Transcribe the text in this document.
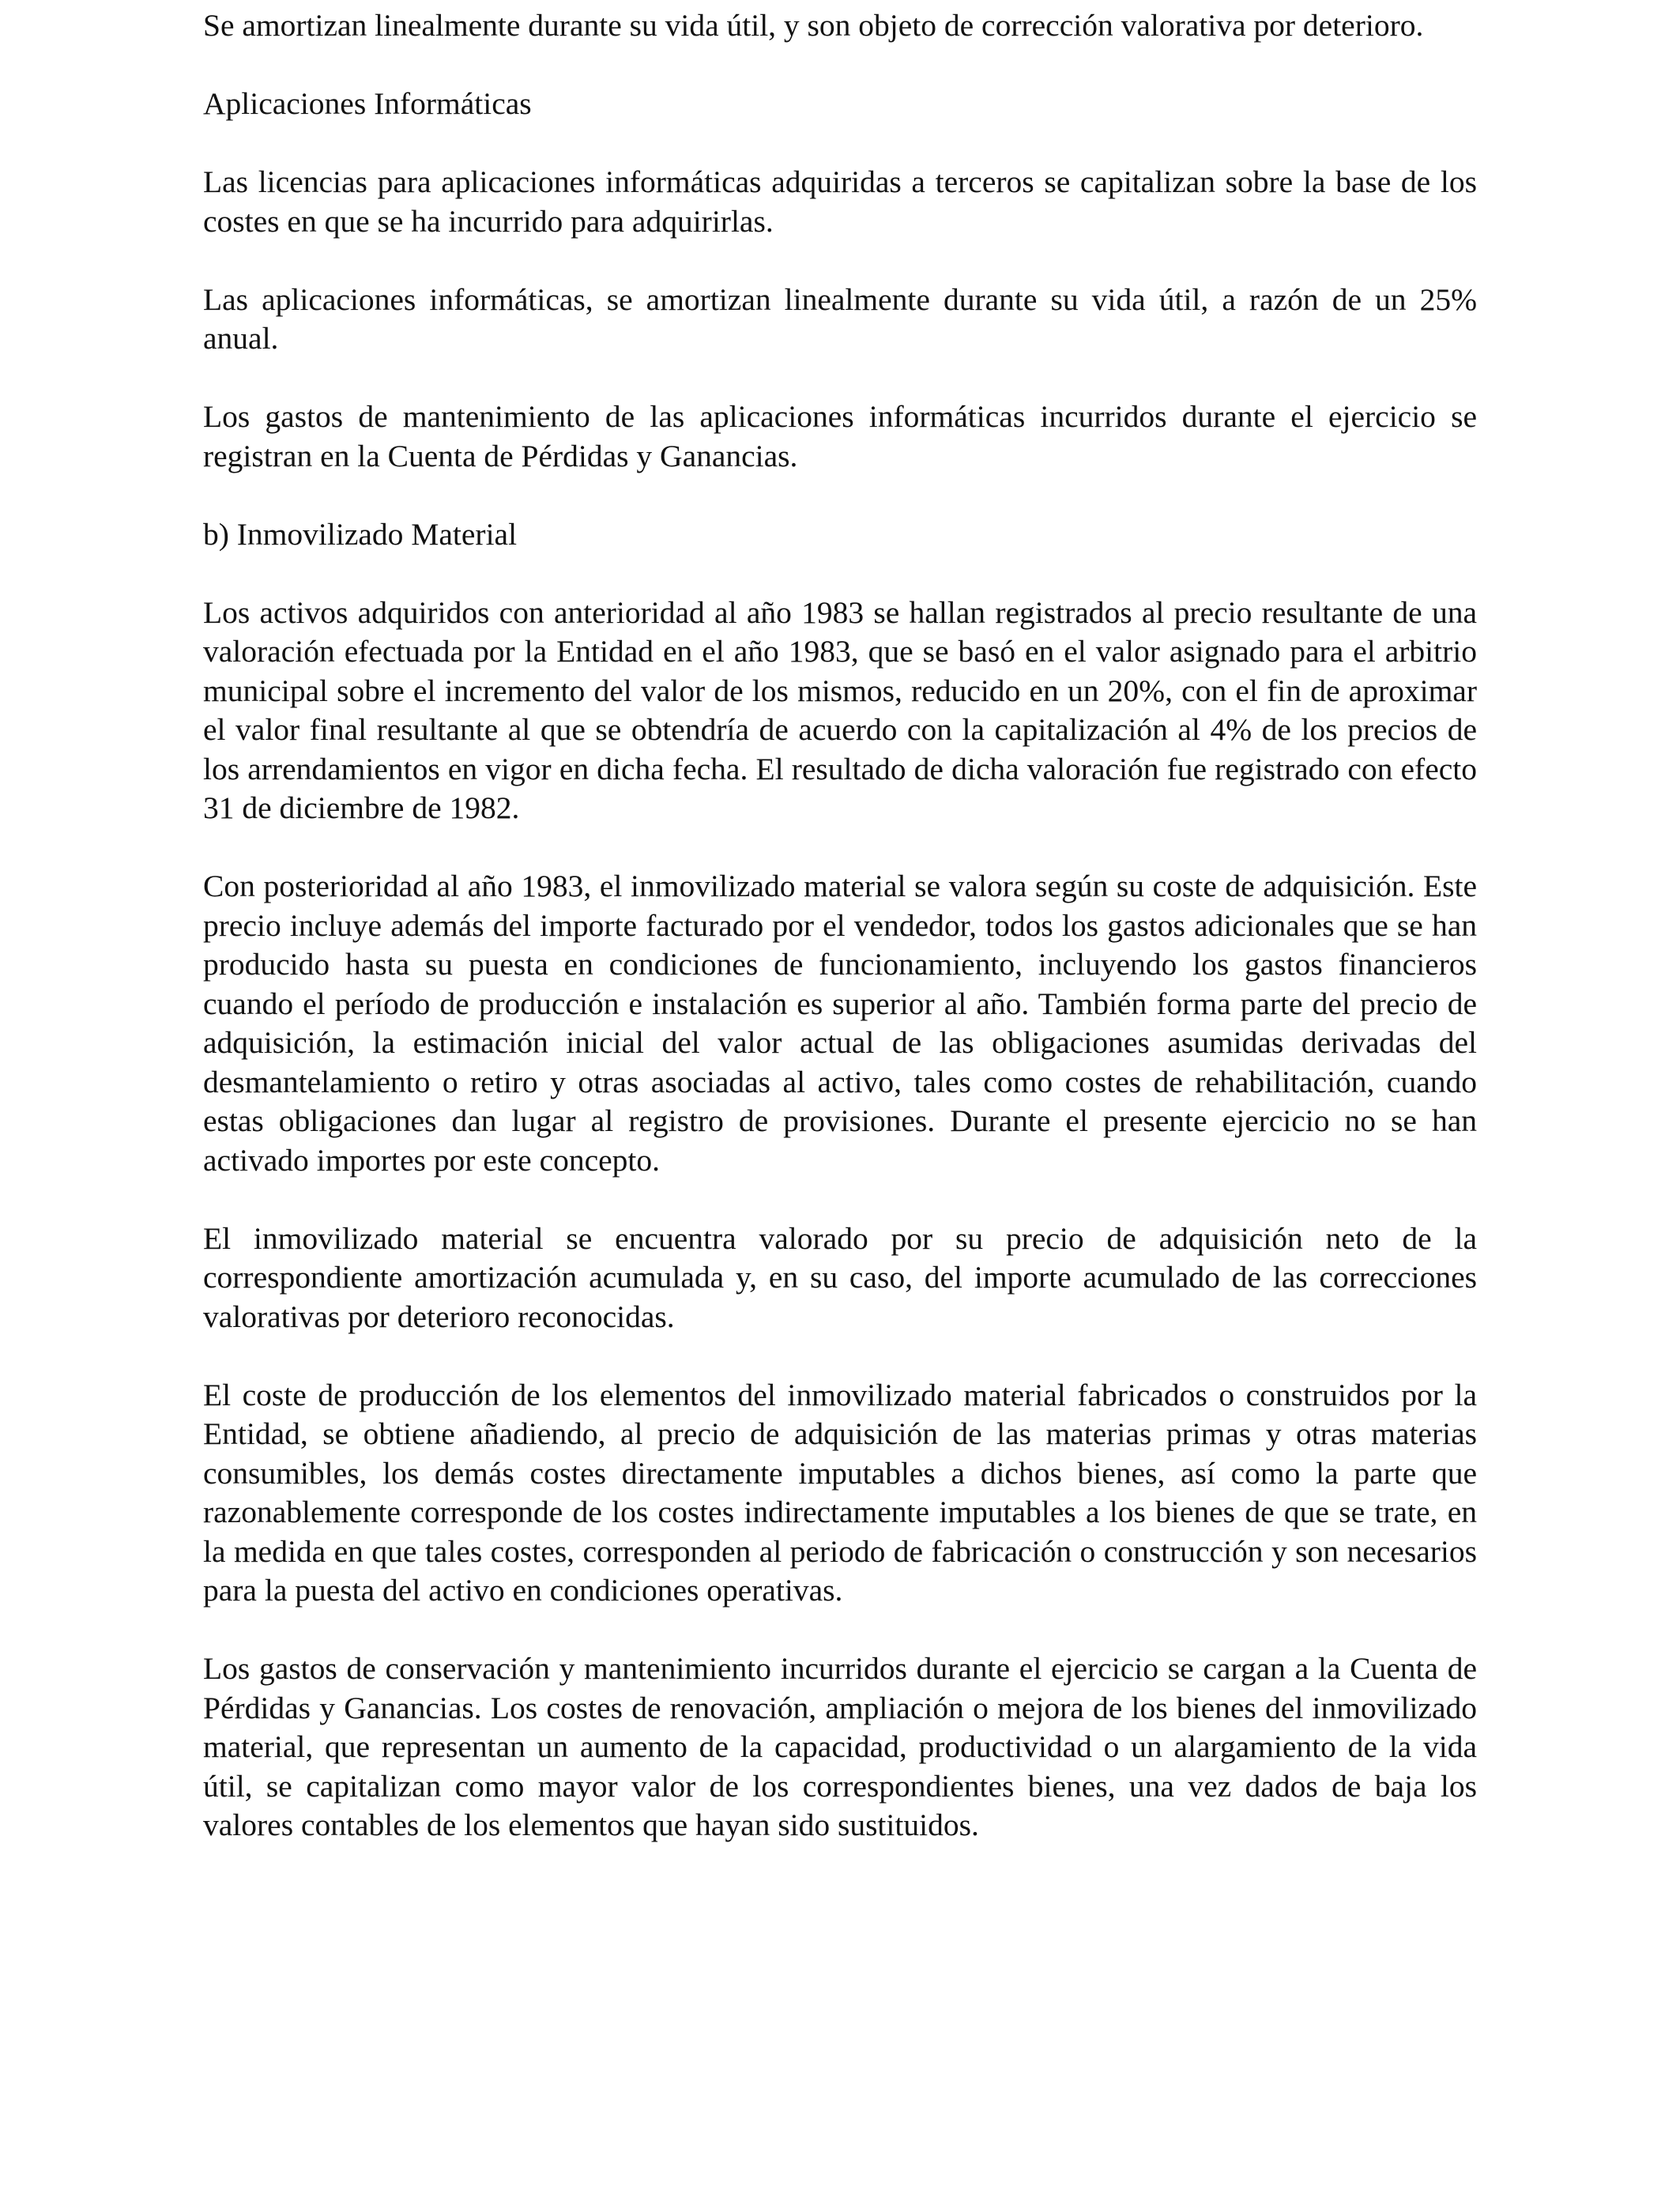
Se amortizan linealmente durante su vida útil, y son objeto de corrección valorativa por deterioro.

Aplicaciones Informáticas

Las licencias para aplicaciones informáticas adquiridas a terceros se capitalizan sobre la base de los costes en que se ha incurrido para adquirirlas.

Las aplicaciones informáticas, se amortizan linealmente durante su vida útil, a razón de un 25% anual.

Los gastos de mantenimiento de las aplicaciones informáticas incurridos durante el ejercicio se registran en la Cuenta de Pérdidas y Ganancias.

b) Inmovilizado Material

Los activos adquiridos con anterioridad al año 1983 se hallan registrados al precio resultante de una valoración efectuada por la Entidad en el año 1983, que se basó en el valor asignado para el arbitrio municipal sobre el incremento del valor de los mismos, reducido en un 20%, con el fin de aproximar el valor final resultante al que se obtendría de acuerdo con la capitalización al 4% de los precios de los arrendamientos en vigor en dicha fecha. El resultado de dicha valoración fue registrado con efecto 31 de diciembre de 1982.

Con posterioridad al año 1983, el inmovilizado material se valora según su coste de adquisición. Este precio incluye además del importe facturado por el vendedor, todos los gastos adicionales que se han producido hasta su puesta en condiciones de funcionamiento, incluyendo los gastos financieros cuando el período de producción e instalación es superior al año. También forma parte del precio de adquisición, la estimación inicial del valor actual de las obligaciones asumidas derivadas del desmantelamiento o retiro y otras asociadas al activo, tales como costes de rehabilitación, cuando estas obligaciones dan lugar al registro de provisiones. Durante el presente ejercicio no se han activado importes por este concepto.

El inmovilizado material se encuentra valorado por su precio de adquisición neto de la correspondiente amortización acumulada y, en su caso, del importe acumulado de las correcciones valorativas por deterioro reconocidas.

El coste de producción de los elementos del inmovilizado material fabricados o construidos por la Entidad, se obtiene añadiendo, al precio de adquisición de las materias primas y otras materias consumibles, los demás costes directamente imputables a dichos bienes, así como la parte que razonablemente corresponde de los costes indirectamente imputables a los bienes de que se trate, en la medida en que tales costes, corresponden al periodo de fabricación o construcción y son necesarios para la puesta del activo en condiciones operativas.

Los gastos de conservación y mantenimiento incurridos durante el ejercicio se cargan a la Cuenta de Pérdidas y Ganancias. Los costes de renovación, ampliación o mejora de los bienes del inmovilizado material, que representan un aumento de la capacidad, productividad o un alargamiento de la vida útil, se capitalizan como mayor valor de los correspondientes bienes, una vez dados de baja los valores contables de los elementos que hayan sido sustituidos.
